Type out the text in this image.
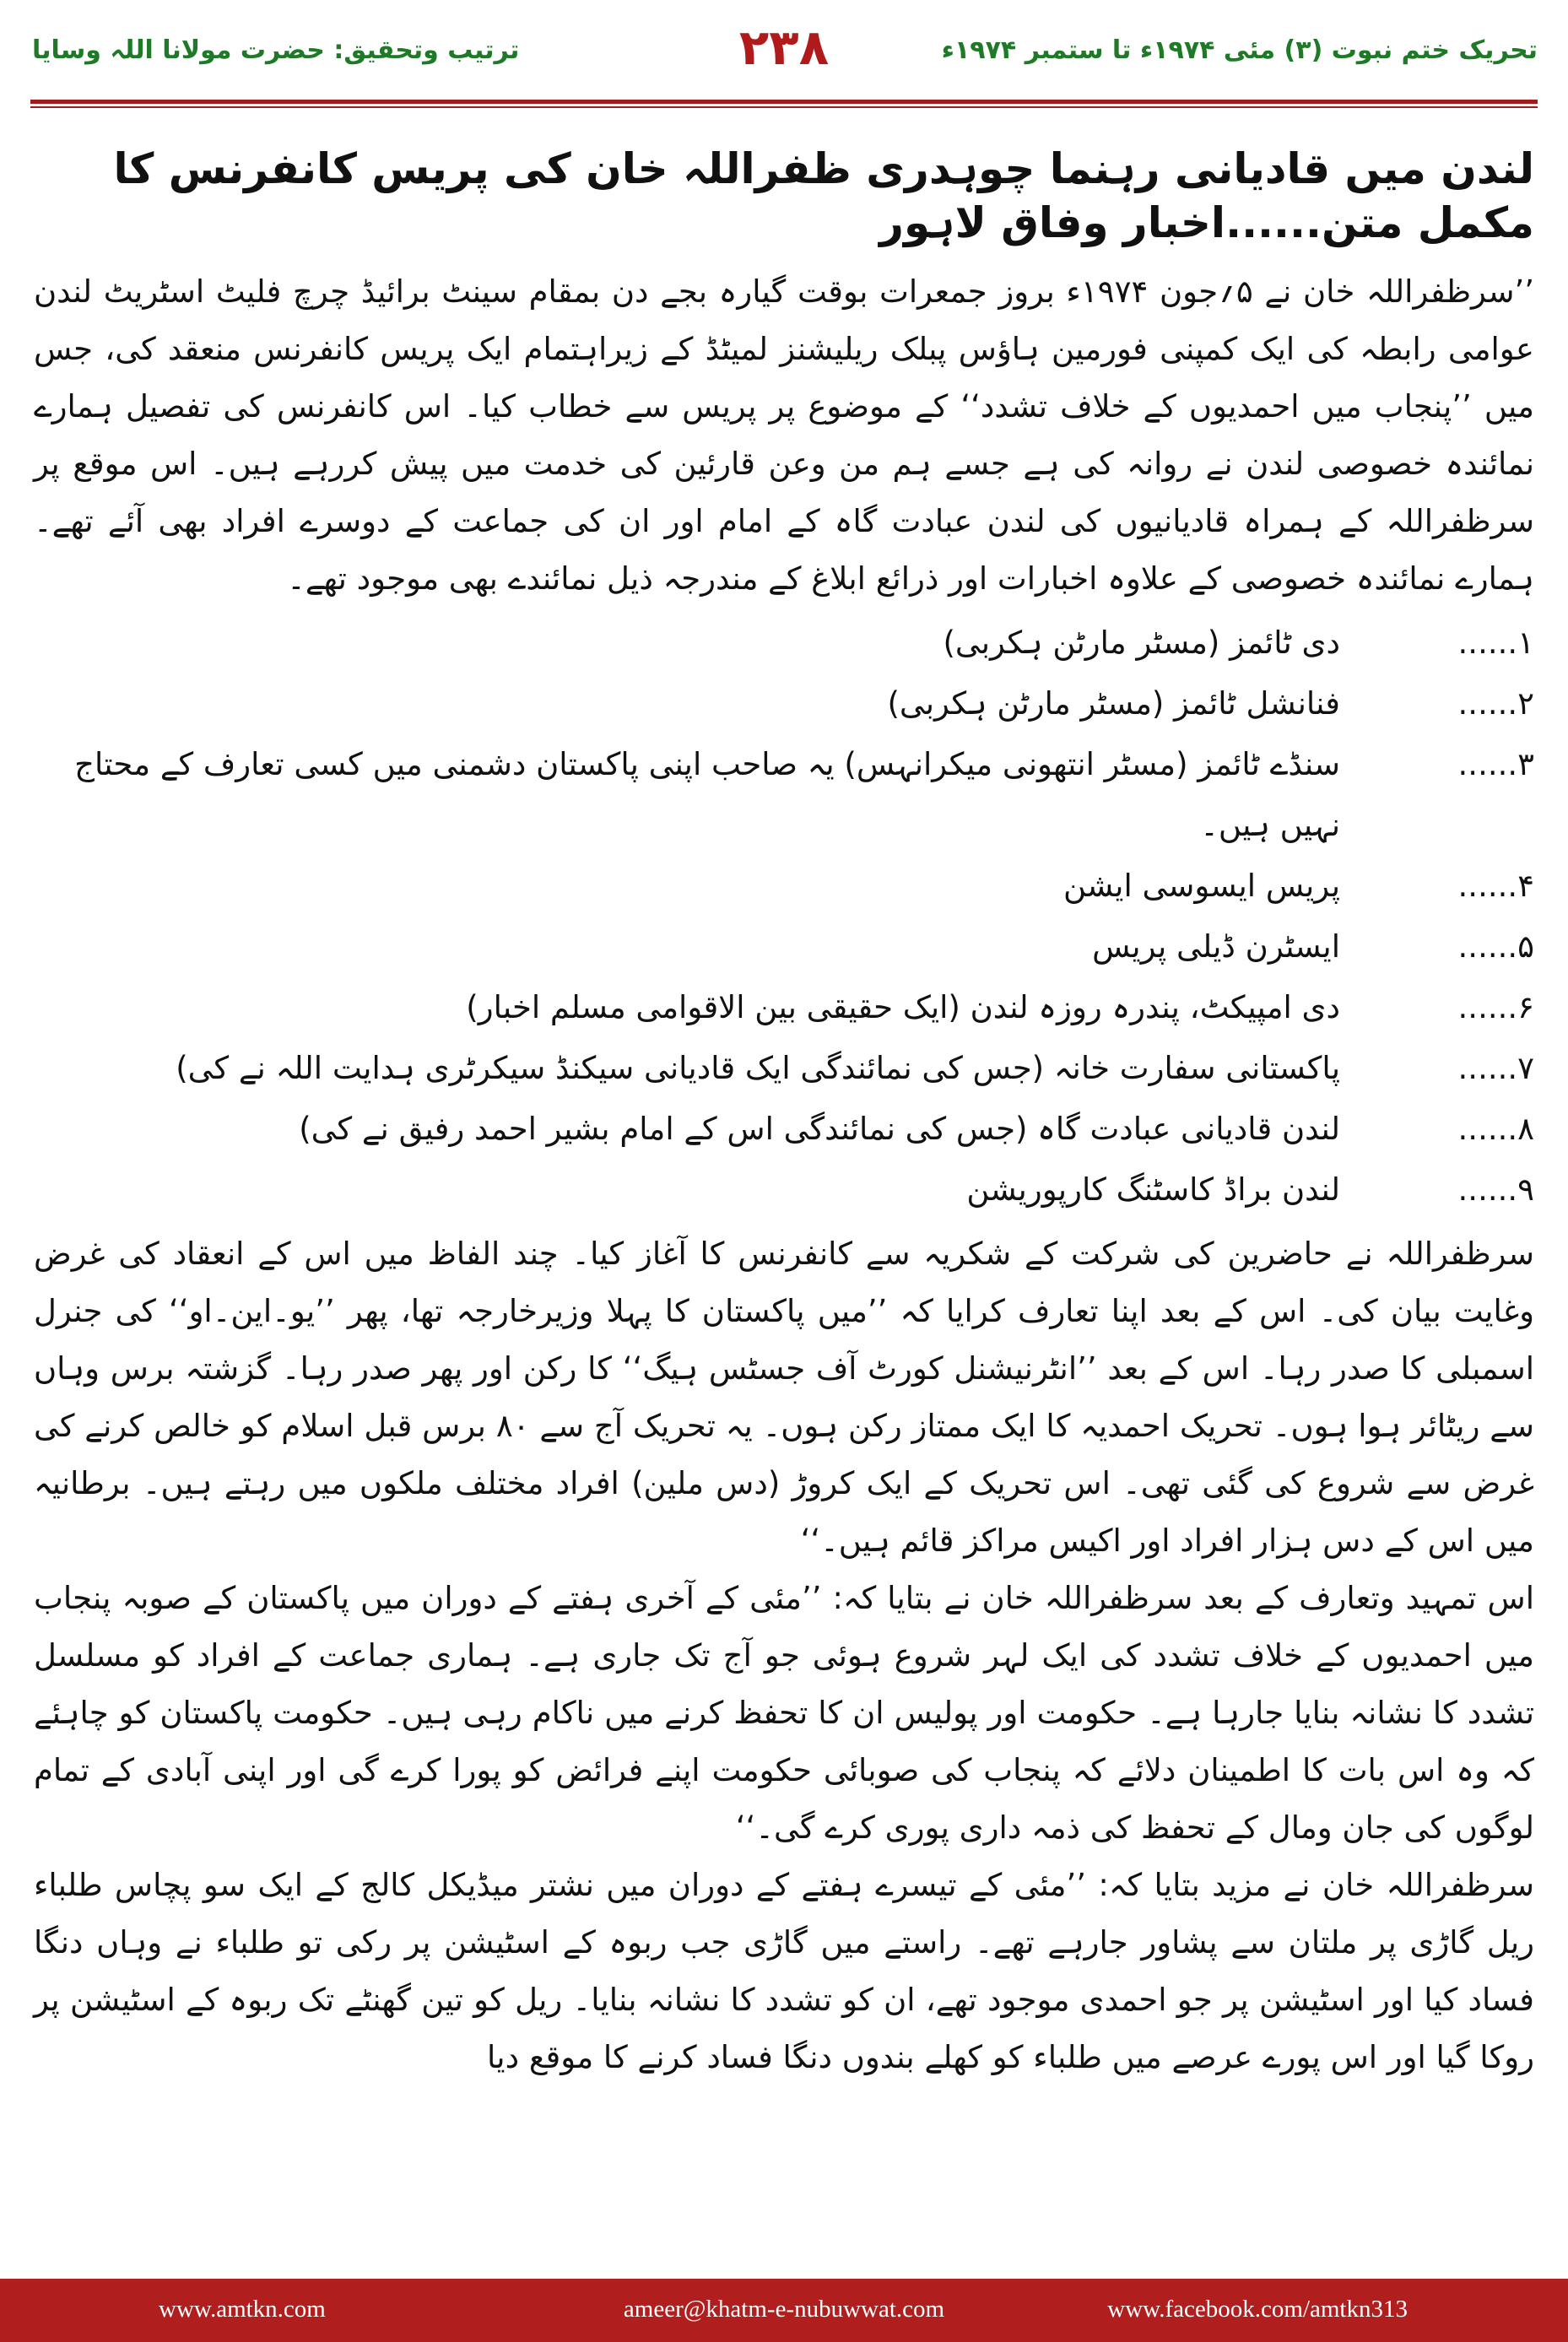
ترتیب وتحقیق: حضرت مولانا اللہ وسایا	۲۳۸	تحریک ختم نبوت (۳) مئی ۱۹۷۴ء تا ستمبر ۱۹۷۴ء
لندن میں قادیانی رہنما چوہدری ظفراللہ خان کی پریس کانفرنس کا مکمل متن......اخبار وفاق لاہور

’’سرظفراللہ خان نے ۵؍جون ۱۹۷۴ء بروز جمعرات بوقت گیارہ بجے دن بمقام سینٹ برائیڈ چرچ فلیٹ اسٹریٹ لندن عوامی رابطہ کی ایک کمپنی فورمین ہاؤس پبلک ریلیشنز لمیٹڈ کے زیراہتمام ایک پریس کانفرنس منعقد کی، جس میں ’’پنجاب میں احمدیوں کے خلاف تشدد‘‘ کے موضوع پر پریس سے خطاب کیا۔ اس کانفرنس کی تفصیل ہمارے نمائندہ خصوصی لندن نے روانہ کی ہے جسے ہم من وعن قارئین کی خدمت میں پیش کررہے ہیں۔ اس موقع پر سرظفراللہ کے ہمراہ قادیانیوں کی لندن عبادت گاہ کے امام اور ان کی جماعت کے دوسرے افراد بھی آئے تھے۔ ہمارے نمائندہ خصوصی کے علاوہ اخبارات اور ذرائع ابلاغ کے مندرجہ ذیل نمائندے بھی موجود تھے۔

۱......
دی ٹائمز (مسٹر مارٹن ہکربی)
۲......
فنانشل ٹائمز (مسٹر مارٹن ہکربی)
۳......
سنڈے ٹائمز (مسٹر انتھونی میکرانہس) یہ صاحب اپنی پاکستان دشمنی میں کسی تعارف کے محتاج نہیں ہیں۔
۴......
پریس ایسوسی ایشن
۵......
ایسٹرن ڈیلی پریس
۶......
دی امپیکٹ، پندرہ روزہ لندن (ایک حقیقی بین الاقوامی مسلم اخبار)
۷......
پاکستانی سفارت خانہ (جس کی نمائندگی ایک قادیانی سیکنڈ سیکرٹری ہدایت اللہ نے کی)
۸......
لندن قادیانی عبادت گاہ (جس کی نمائندگی اس کے امام بشیر احمد رفیق نے کی)
۹......
لندن براڈ کاسٹنگ کارپوریشن

سرظفراللہ نے حاضرین کی شرکت کے شکریہ سے کانفرنس کا آغاز کیا۔ چند الفاظ میں اس کے انعقاد کی غرض وغایت بیان کی۔ اس کے بعد اپنا تعارف کرایا کہ ’’میں پاکستان کا پہلا وزیرخارجہ تھا، پھر ’’یو۔این۔او‘‘ کی جنرل اسمبلی کا صدر رہا۔ اس کے بعد ’’انٹرنیشنل کورٹ آف جسٹس ہیگ‘‘ کا رکن اور پھر صدر رہا۔ گزشتہ برس وہاں سے ریٹائر ہوا ہوں۔ تحریک احمدیہ کا ایک ممتاز رکن ہوں۔ یہ تحریک آج سے ۸۰ برس قبل اسلام کو خالص کرنے کی غرض سے شروع کی گئی تھی۔ اس تحریک کے ایک کروڑ (دس ملین) افراد مختلف ملکوں میں رہتے ہیں۔ برطانیہ میں اس کے دس ہزار افراد اور اکیس مراکز قائم ہیں۔‘‘

اس تمہید وتعارف کے بعد سرظفراللہ خان نے بتایا کہ: ’’مئی کے آخری ہفتے کے دوران میں پاکستان کے صوبہ پنجاب میں احمدیوں کے خلاف تشدد کی ایک لہر شروع ہوئی جو آج تک جاری ہے۔ ہماری جماعت کے افراد کو مسلسل تشدد کا نشانہ بنایا جارہا ہے۔ حکومت اور پولیس ان کا تحفظ کرنے میں ناکام رہی ہیں۔ حکومت پاکستان کو چاہئے کہ وہ اس بات کا اطمینان دلائے کہ پنجاب کی صوبائی حکومت اپنے فرائض کو پورا کرے گی اور اپنی آبادی کے تمام لوگوں کی جان ومال کے تحفظ کی ذمہ داری پوری کرے گی۔‘‘

سرظفراللہ خان نے مزید بتایا کہ: ’’مئی کے تیسرے ہفتے کے دوران میں نشتر میڈیکل کالج کے ایک سو پچاس طلباء ریل گاڑی پر ملتان سے پشاور جارہے تھے۔ راستے میں گاڑی جب ربوہ کے اسٹیشن پر رکی تو طلباء نے وہاں دنگا فساد کیا اور اسٹیشن پر جو احمدی موجود تھے، ان کو تشدد کا نشانہ بنایا۔ ریل کو تین گھنٹے تک ربوہ کے اسٹیشن پر روکا گیا اور اس پورے عرصے میں طلباء کو کھلے بندوں دنگا فساد کرنے کا موقع دیا

www.amtkn.com	ameer@khatm-e-nubuwwat.com	www.facebook.com/amtkn313
